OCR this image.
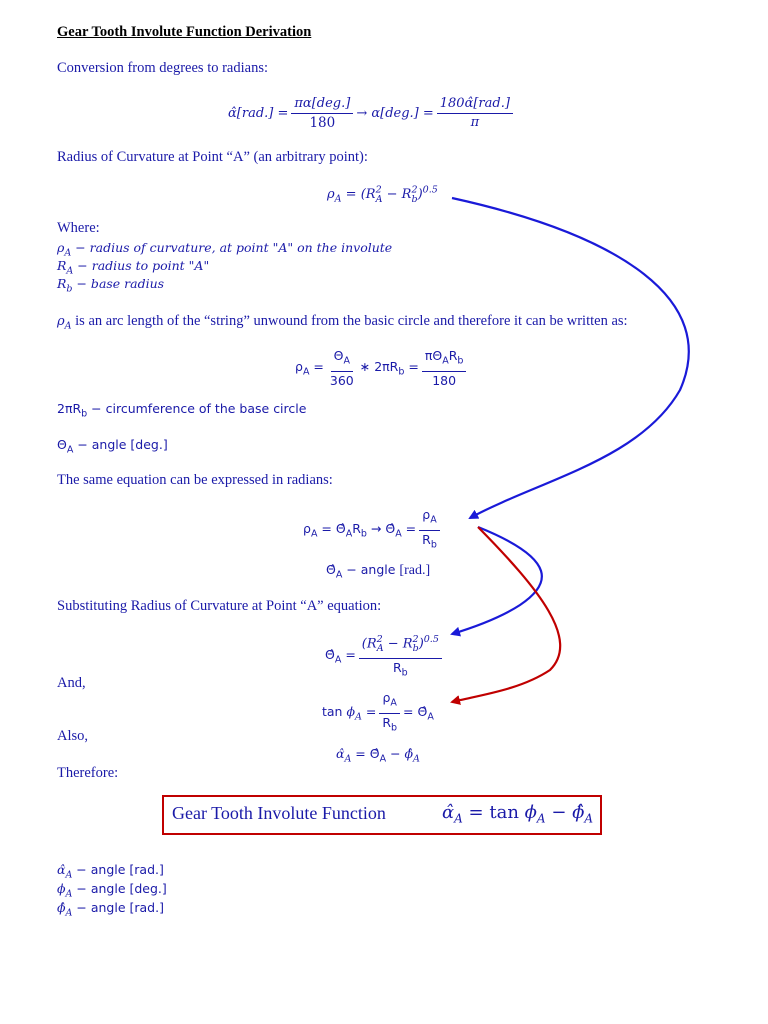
Gear Tooth Involute Function Derivation
Conversion from degrees to radians:
α̂[rad.] = $\frac{\text{πα[deg.]}}{180} \to \alpha[deg.] = \frac{\text{180α̂[rad.]}}{\pi}$
Radius of Curvature at Point “A” (an arbitrary point):
$\rho_A = (R^2_A - R^2_b)^{0.5}$
Where:
$\rho_A$ − radius of curvature, at point "A" on the involute
$R_A$ − radius to point "A"
$R_b$ − base radius
$\rho_A$ is an arc length of the “string” unwound from the basic circle and therefore it can be written as:
$\rho_A = \frac{\Theta_A}{360}$ ∗ $2\pi R_b = \frac{\pi\Theta_AR_b}{180}$
$2\pi R_b$ − circumference of the base circle
$\Theta_A$ − angle [deg.]
The same equation can be expressed in radians:
$\rho_A$ = $\Thetâ_AR_b$ → $\Thetâ_A = \frac{\rho_A}{R_b}$
$\Thetâ_A$ − angle [rad.]
Substituting Radius of Curvature at Point “A” equation:
$\Thetâ_A = \frac{(R^2_A - R^2_b)^{0.5}}{R_b}$
And,
$\tan \phi_A = \frac{\rho_A}{R_b}$ = $\Thetâ_A$
Also,
$\alphâ_A$ = $\Thetâ_A$ − $\phî_A$
Therefore:
Gear Tooth Involute Function	$\alphâ_A = \tan \phi_A$ − $\phî_A$
$\alphâ_A$ − angle [rad.]
$\phi_A$ − angle [deg.]
$\phî_A$ − angle [rad.]
